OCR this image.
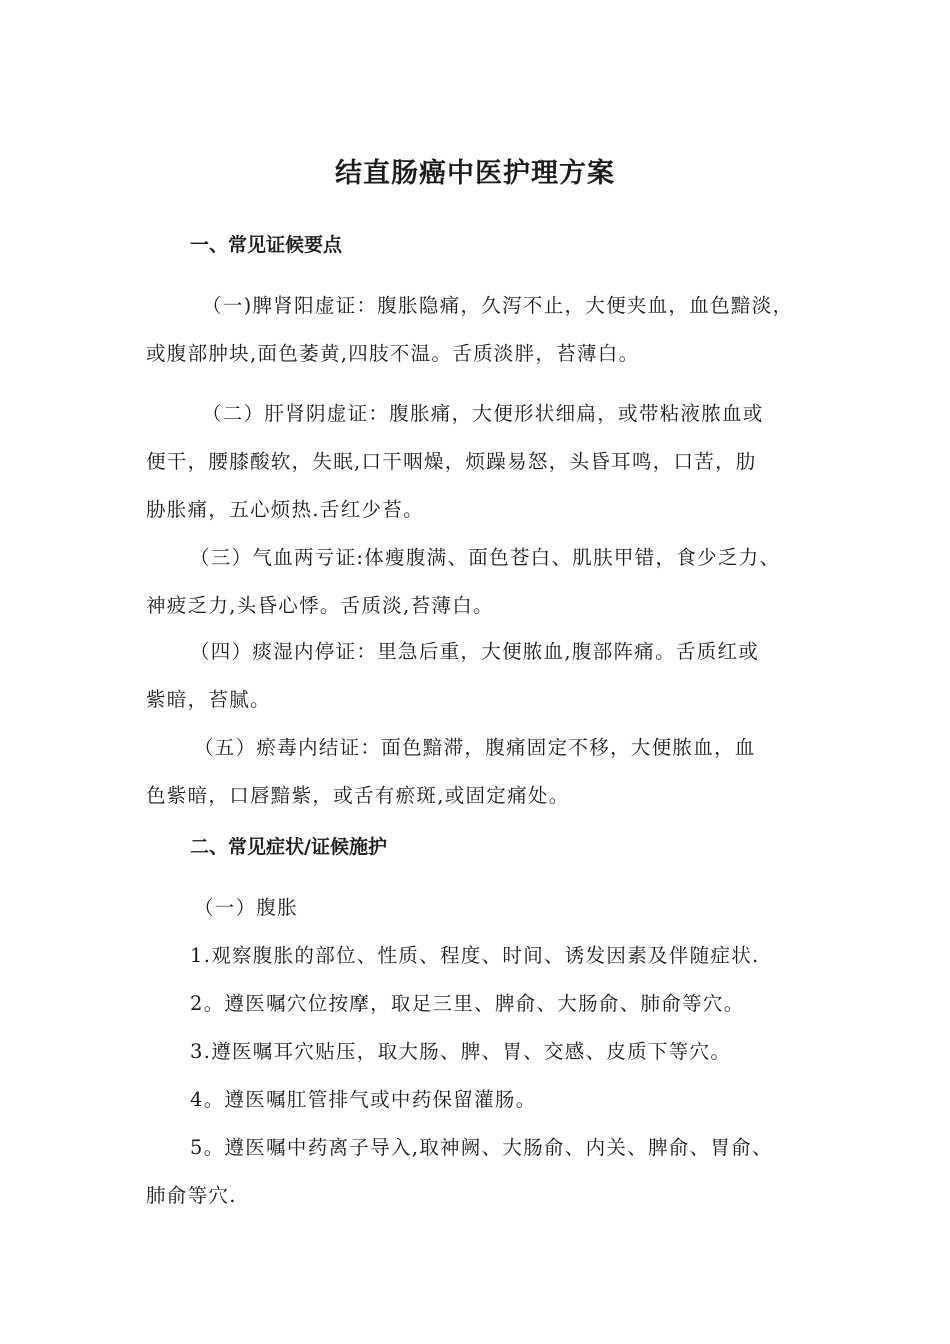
结直肠癌中医护理方案
一、常见证候要点

（一)脾肾阳虚证：腹胀隐痛，久泻不止，大便夹血，血色黯淡，
或腹部肿块,面色萎黄,四肢不温。舌质淡胖，苔薄白。

（二）肝肾阴虚证：腹胀痛，大便形状细扁，或带粘液脓血或
便干，腰膝酸软，失眠,口干咽燥，烦躁易怒，头昏耳鸣，口苦，肋
胁胀痛，五心烦热.舌红少苔。

（三）气血两亏证:体瘦腹满、面色苍白、肌肤甲错，食少乏力、
神疲乏力,头昏心悸。舌质淡,苔薄白。

（四）痰湿内停证：里急后重，大便脓血,腹部阵痛。舌质红或
紫暗，苔腻。

（五）瘀毒内结证：面色黯滞，腹痛固定不移，大便脓血，血
色紫暗，口唇黯紫，或舌有瘀斑,或固定痛处。

二、常见症状/证候施护

（一）腹胀

1.观察腹胀的部位、性质、程度、时间、诱发因素及伴随症状.

2。遵医嘱穴位按摩，取足三里、脾俞、大肠俞、肺俞等穴。

3.遵医嘱耳穴贴压，取大肠、脾、胃、交感、皮质下等穴。

4。遵医嘱肛管排气或中药保留灌肠。

5。遵医嘱中药离子导入,取神阙、大肠俞、内关、脾俞、胃俞、
肺俞等穴.
